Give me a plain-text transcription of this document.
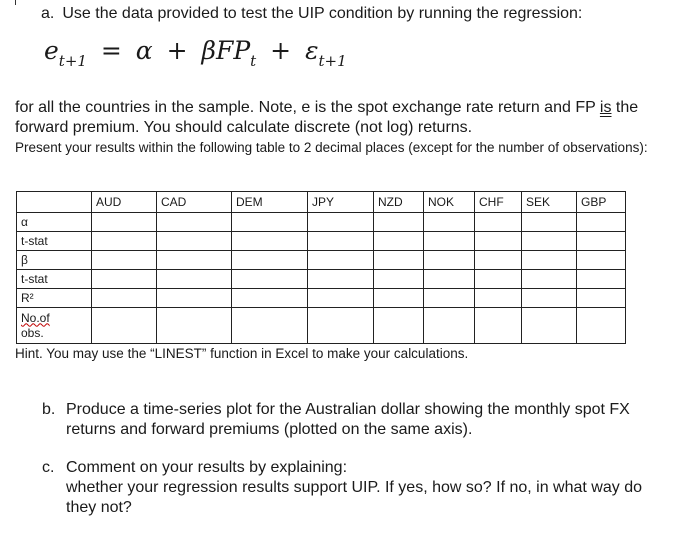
a. Use the data provided to test the UIP condition by running the regression:
$e_{t+1} = \alpha + \beta FP_t + \varepsilon_{t+1}$
for all the countries in the sample. Note, e is the spot exchange rate return and FP is the forward premium. You should calculate discrete (not log) returns.
Present your results within the following table to 2 decimal places (except for the number of observations):
	AUD	CAD	DEM	JPY	NZD	NOK	CHF	SEK	GBP
α									
t-stat									
β									
t-stat									
R²									
No.of
obs.									
Hint. You may use the “LINEST” function in Excel to make your calculations.
b. Produce a time-series plot for the Australian dollar showing the monthly spot FX returns and forward premiums (plotted on the same axis).
c. Comment on your results by explaining:
whether your regression results support UIP. If yes, how so? If no, in what way do they not?
